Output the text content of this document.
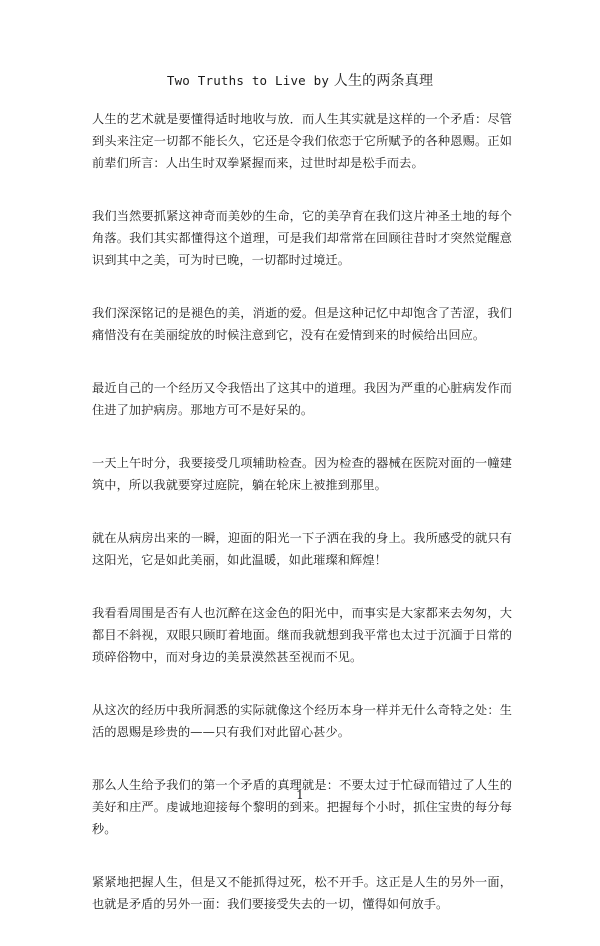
Two Truths to Live by 人生的两条真理

人生的艺术就是要懂得适时地收与放．而人生其实就是这样的一个矛盾：尽管到头来注定一切都不能长久，它还是令我们依恋于它所赋予的各种恩赐。正如前辈们所言：人出生时双拳紧握而来，过世时却是松手而去。

我们当然要抓紧这神奇而美妙的生命，它的美孕育在我们这片神圣土地的每个角落。我们其实都懂得这个道理，可是我们却常常在回顾往昔时才突然觉醒意识到其中之美，可为时已晚，一切都时过境迁。

我们深深铭记的是褪色的美，消逝的爱。但是这种记忆中却饱含了苦涩，我们痛惜没有在美丽绽放的时候注意到它，没有在爱情到来的时候给出回应。

最近自己的一个经历又令我悟出了这其中的道理。我因为严重的心脏病发作而住进了加护病房。那地方可不是好呆的。

一天上午时分，我要接受几项辅助检查。因为检查的器械在医院对面的一幢建筑中，所以我就要穿过庭院，躺在轮床上被推到那里。

就在从病房出来的一瞬，迎面的阳光一下子洒在我的身上。我所感受的就只有这阳光，它是如此美丽，如此温暖，如此璀璨和辉煌！

我看看周围是否有人也沉醉在这金色的阳光中，而事实是大家都来去匆匆，大都目不斜视，双眼只顾盯着地面。继而我就想到我平常也太过于沉湎于日常的琐碎俗物中，而对身边的美景漠然甚至视而不见。

从这次的经历中我所洞悉的实际就像这个经历本身一样并无什么奇特之处：生活的恩赐是珍贵的——只有我们对此留心甚少。

那么人生给予我们的第一个矛盾的真理就是：不要太过于忙碌而错过了人生的美好和庄严。虔诚地迎接每个黎明的到来。把握每个小时，抓住宝贵的每分每秒。

紧紧地把握人生，但是又不能抓得过死，松不开手。这正是人生的另外一面，也就是矛盾的另外一面：我们要接受失去的一切，懂得如何放手。

1
